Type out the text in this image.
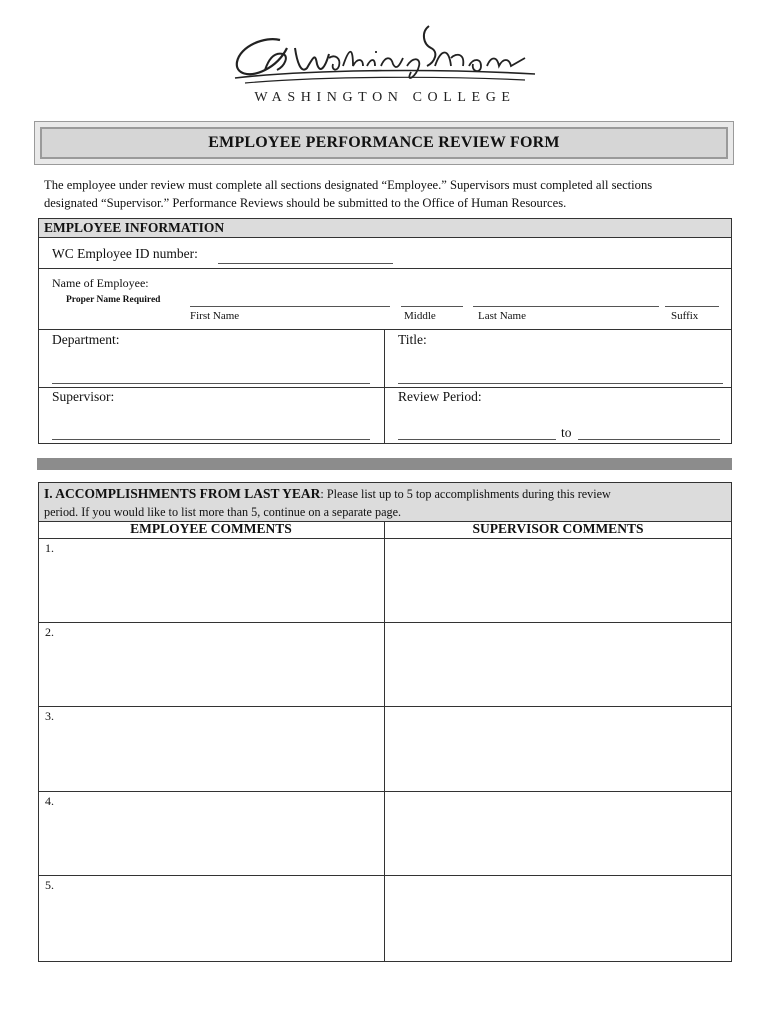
WASHINGTON COLLEGE
EMPLOYEE PERFORMANCE REVIEW FORM
The employee under review must complete all sections designated “Employee.” Supervisors must completed all sections
designated “Supervisor.” Performance Reviews should be submitted to the Office of Human Resources.
EMPLOYEE INFORMATION
WC Employee ID number:
Name of Employee:
Proper Name Required
First Name	Middle	Last Name	Suffix
Department:	Title:
Supervisor:	Review Period:
to
I. ACCOMPLISHMENTS FROM LAST YEAR: Please list up to 5 top accomplishments during this review
period. If you would like to list more than 5, continue on a separate page.
EMPLOYEE COMMENTS	SUPERVISOR COMMENTS
1.
2.
3.
4.
5.
